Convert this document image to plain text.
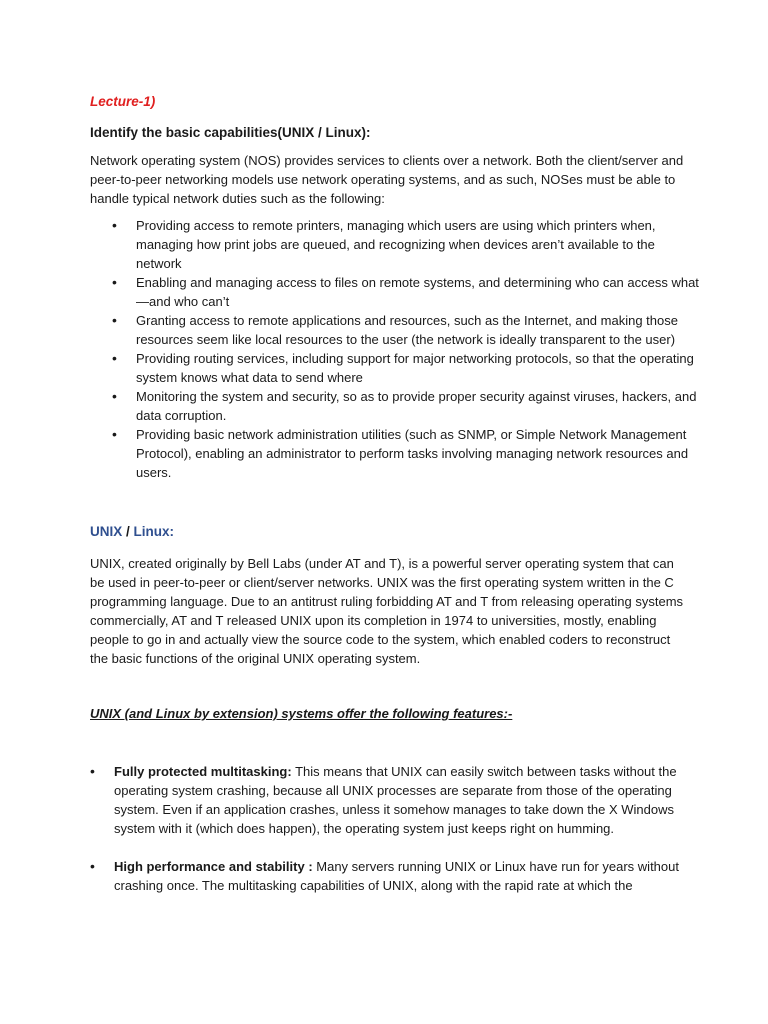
Lecture-1)
Identify the basic capabilities(UNIX / Linux):
Network operating system (NOS) provides services to clients over a network. Both the client/server and peer-to-peer networking models use network operating systems, and as such, NOSes must be able to handle typical network duties such as the following:
• Providing access to remote printers, managing which users are using which printers when, managing how print jobs are queued, and recognizing when devices aren’t available to the network
• Enabling and managing access to files on remote systems, and determining who can access what—and who can’t
• Granting access to remote applications and resources, such as the Internet, and making those resources seem like local resources to the user (the network is ideally transparent to the user)
• Providing routing services, including support for major networking protocols, so that the operating system knows what data to send where
• Monitoring the system and security, so as to provide proper security against viruses, hackers, and data corruption.
• Providing basic network administration utilities (such as SNMP, or Simple Network Management Protocol), enabling an administrator to perform tasks involving managing network resources and users.
UNIX / Linux:
UNIX, created originally by Bell Labs (under AT and T), is a powerful server operating system that can be used in peer-to-peer or client/server networks. UNIX was the first operating system written in the C programming language. Due to an antitrust ruling forbidding AT and T from releasing operating systems commercially, AT and T released UNIX upon its completion in 1974 to universities, mostly, enabling people to go in and actually view the source code to the system, which enabled coders to reconstruct the basic functions of the original UNIX operating system.
UNIX (and Linux by extension) systems offer the following features:-
• Fully protected multitasking: This means that UNIX can easily switch between tasks without the operating system crashing, because all UNIX processes are separate from those of the operating system. Even if an application crashes, unless it somehow manages to take down the X Windows system with it (which does happen), the operating system just keeps right on humming.
• High performance and stability : Many servers running UNIX or Linux have run for years without crashing once. The multitasking capabilities of UNIX, along with the rapid rate at which the
